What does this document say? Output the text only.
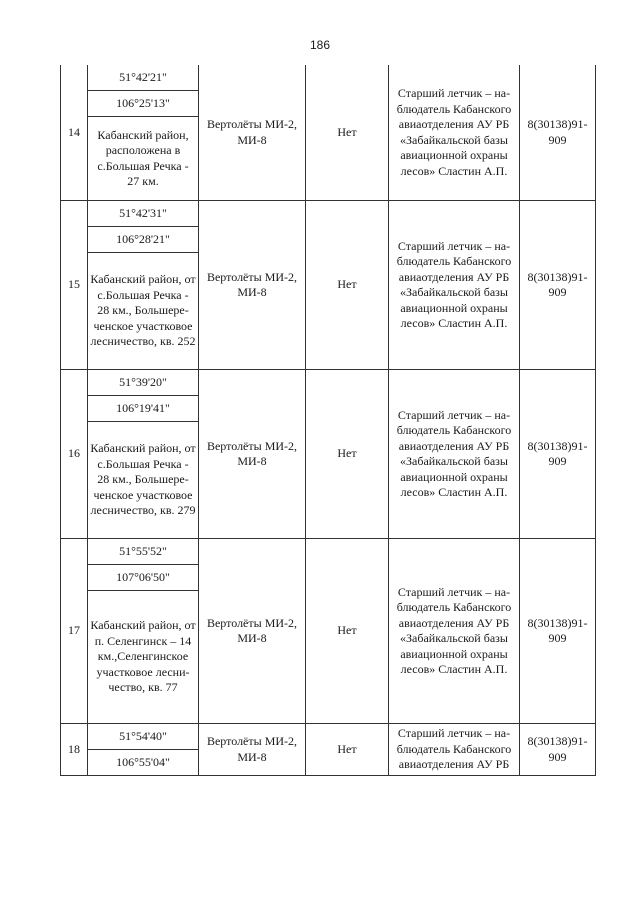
186
14	51°42'21"	Вертолёты МИ-2, МИ-8	Нет	Старший летчик – на-блюдатель Кабанского авиаотделения АУ РБ «Забайкальской базы авиационной охраны лесов» Сластин А.П.	8(30138)91-909
	106°25'13"				
	Кабанский район, расположена в с.Большая Речка - 27 км.				
15	51°42'31"	Вертолёты МИ-2, МИ-8	Нет	Старший летчик – на-блюдатель Кабанского авиаотделения АУ РБ «Забайкальской базы авиационной охраны лесов» Сластин А.П.	8(30138)91-909
	106°28'21"				
	Кабанский район, от с.Большая Речка - 28 км., Большере-ченское участковое лесничество, кв. 252				
16	51°39'20"	Вертолёты МИ-2, МИ-8	Нет	Старший летчик – на-блюдатель Кабанского авиаотделения АУ РБ «Забайкальской базы авиационной охраны лесов» Сластин А.П.	8(30138)91-909
	106°19'41"				
	Кабанский район, от с.Большая Речка - 28 км., Большере-ченское участковое лесничество, кв. 279				
17	51°55'52"	Вертолёты МИ-2, МИ-8	Нет	Старший летчик – на-блюдатель Кабанского авиаотделения АУ РБ «Забайкальской базы авиационной охраны лесов» Сластин А.П.	8(30138)91-909
	107°06'50"				
	Кабанский район, от п. Селенгинск – 14 км.,Селенгинское участковое лесни-чество, кв. 77				
18	51°54'40"	Вертолёты МИ-2, МИ-8	Нет	Старший летчик – на-блюдатель Кабанского авиаотделения АУ РБ	8(30138)91-909
	106°55'04"				
